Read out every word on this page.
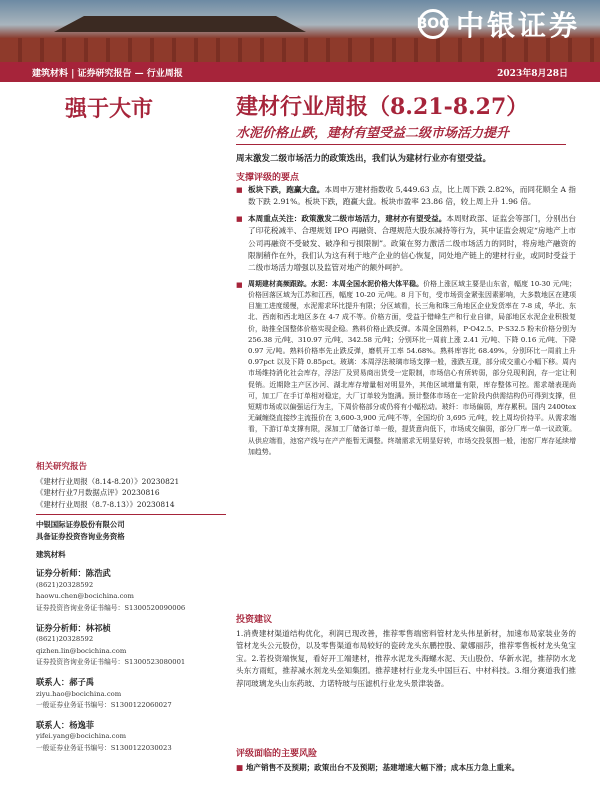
BOC 中银证券
建筑材料 | 证券研究报告 — 行业周报	2023年8月28日
强于大市	建材行业周报（8.21-8.27）
水泥价格止跌，建材有望受益二级市场活力提升
周末激发二级市场活力的政策迭出，我们认为建材行业亦有望受益。
支撑评级的要点
■ 板块下跌，跑赢大盘。本周申万建材指数收 5,449.63 点，比上周下跌 2.82%，而同花顺全 A 指数下跌 2.91%。板块下跌，跑赢大盘。板块市盈率 23.86 倍，较上周上升 1.96 倍。
■ 本周重点关注：政策激发二级市场活力，建材亦有望受益。本周财政部、证监会等部门，分别出台了印花税减半、合理规划 IPO 再融资、合理规范大股东减持等行为，其中证监会规定“房地产上市公司再融资不受破发、破净和亏损限制”。政策在努力激活二级市场活力的同时，将房地产融资的限制稍作在外，我们认为这有利于地产企业的信心恢复，同处地产链上的建材行业，或同时受益于二级市场活力增强以及监管对地产的额外呵护。
■ 周期建材高频跟踪。水泥：本周全国水泥价格大体平稳。价格上涨区域主要是山东省，幅度 10-30 元/吨；价格回落区域为江苏和江西，幅度 10-20 元/吨。8 月下旬，受市场资金紧张因素影响，大多数地区在建项目施工进度缓慢，水泥需求环比提升有限；分区域看，长三角和珠三角地区企业发货率在 7-8 成，华北、东北、西南和西北地区多在 4-7 成不等。价格方面，受益于错峰生产和行业自律，局部地区水泥企业积极复价，助推全国整体价格实现企稳。熟料价格止跌反弹。本周全国熟料，P·O42.5、P·S32.5 粉末价格分别为 256.38 元/吨、310.97 元/吨、342.58 元/吨；分别环比一周前上涨 2.41 元/吨、下降 0.16 元/吨、下降 0.97 元/吨。熟料价格率先止跌反弹，磨机开工率 54.68%。熟料库容比 68.49%，分别环比一周前上升 0.97pct 以及下降 0.85pct。玻璃：本周浮法玻璃市场支撑一般，涨跌互现，部分成交重心小幅下移。周内市场维持消化社会库存，浮法厂及贸易商出货受一定限制，市场信心有所转弱，部分兑现利润，存一定让利促销。近期除主产区沙河、湖北库存增量相对明显外，其他区域增量有限，库存整体可控。需求端表现尚可，加工厂在手订单相对稳定，大厂订单较为饱满。预计整体市场在一定阶段内供需结构仍可得到支撑，但短期市场或以偏强运行为主，下周价格部分或仍将有小幅松动。玻纤：市场偏弱，库存累积。国内 2400tex 无碱缠绕直接纱主流报价在 3,600-3,900 元/吨不等，全国均价 3,695 元/吨，较上周均价持平。从需求端看，下游订单支撑有限，深加工厂储备订单一般，提货意向低下，市场成交偏弱，部分厂库一单一议政策。从供应端看，池窑产线与在产产能暂无调整。终端需求无明显好转，市场交投氛围一般，池窑厂库存延续增加趋势。
投资建议
1.消费建材渠道结构优化，利润已现改善，推荐零售端密料管材龙头伟星新材，加速布局家装业务的管材龙头公元股份，以及零售渠道布局较好的瓷砖龙头东鹏控股、蒙娜丽莎，推荐零售板材龙头兔宝宝。2.若投资端恢复，看好开工端建材，推荐水泥龙头海螺水泥、天山股份、华新水泥，推荐防水龙头东方雨虹，推荐减水剂龙头垒知集团。推荐建材行业龙头中国巨石、中材科技。3.细分赛道我们推荐同玻璃龙头山东药玻、力诺特玻与压滤机行业龙头景津装备。
评级面临的主要风险
■ 地产销售不及预期；政策出台不及预期；基建增速大幅下滑；成本压力急上重来。
相关研究报告
《建材行业周报（8.14-8.20）》20230821
《建材行业7月数据点评》20230816
《建材行业周报（8.7-8.13）》20230814
中银国际证券股份有限公司
具备证券投资咨询业务资格
建筑材料
证券分析师：陈浩武
(8621)20328592
haowu.chen@bocichina.com
证券投资咨询业务证书编号：S1300520090006
证券分析师：林祁桢
(8621)20328592
qizhen.lin@bocichina.com
证券投资咨询业务证书编号：S1300523080001
联系人：郝子禹
ziyu.hao@bocichina.com
一般证券业务证书编号：S1300122060027
联系人：杨逸菲
yifei.yang@bocichina.com
一般证券业务证书编号：S1300122030023
